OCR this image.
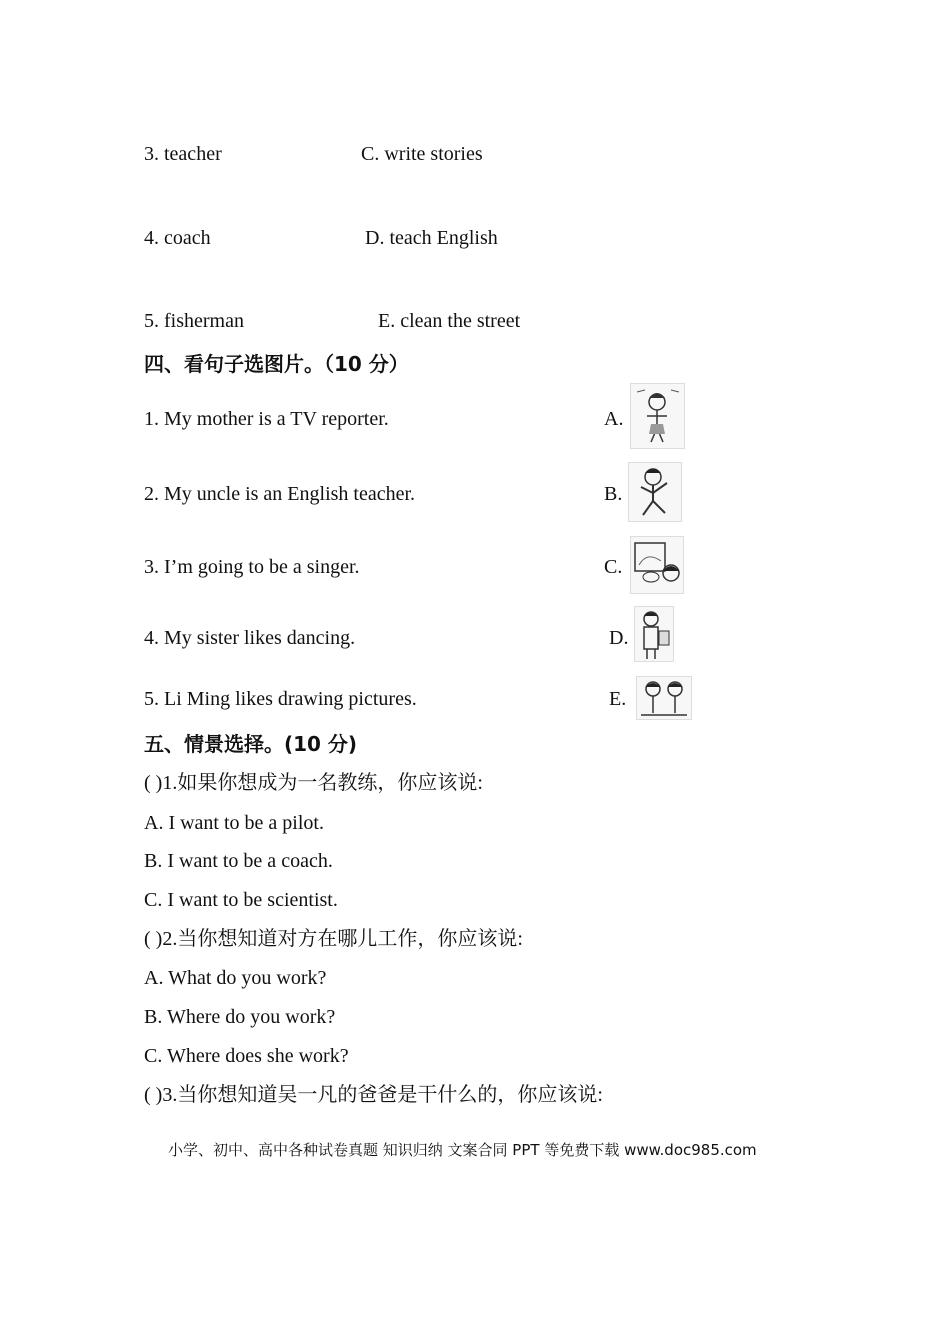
3. teacher	C. write stories
4. coach	D. teach English
5. fisherman	E. clean the street
四、看句子选图片。（10 分）
1. My mother is a TV reporter.	A.
2. My uncle is an English teacher.	B.
3. I’m going to be a singer.	C.
4. My sister likes dancing.	D.
5. Li Ming likes drawing pictures.	E.
五、情景选择。(10 分)
( )1.如果你想成为一名教练，你应该说:
A. I want to be a pilot.
B. I want to be a coach.
C. I want to be scientist.
( )2.当你想知道对方在哪儿工作，你应该说:
A. What do you work?
B. Where do you work?
C. Where does she work?
( )3.当你想知道吴一凡的爸爸是干什么的，你应该说:
小学、初中、高中各种试卷真题 知识归纳 文案合同 PPT 等免费下载 www.doc985.com
